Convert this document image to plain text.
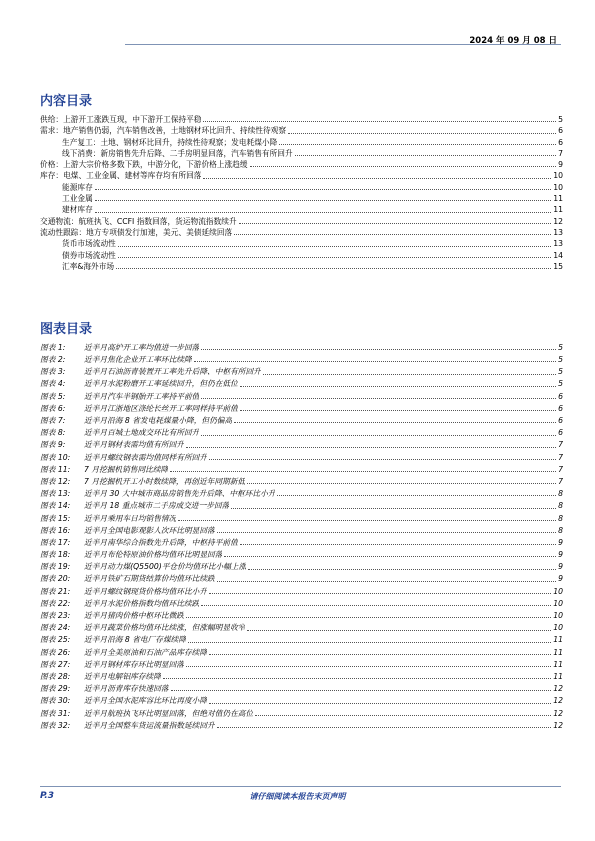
2024 年 09 月 08 日
内容目录
供给：上游开工涨跌互现，中下游开工保持平稳	5
需求：地产销售仍弱，汽车销售改善，土地钢材环比回升、持续性待观察	6
生产复工：土地、钢材环比回升，持续性待观察；发电耗煤小降	6
线下消费：新房销售先升后降、二手房明显回落，汽车销售有所回升	7
价格：上游大宗价格多数下跌，中游分化，下游价格上涨趋缓	9
库存：电煤、工业金属、建材等库存均有所回落	10
能源库存	10
工业金属	11
建材库存	11
交通物流：航班执飞、CCFI 指数回落，货运物流指数续升	12
流动性跟踪：地方专项债发行加速，美元、美债延续回落	13
货币市场流动性	13
债券市场流动性	14
汇率&海外市场	15
图表目录
图表 1: 近半月高炉开工率均值进一步回落	5
图表 2: 近半月焦化企业开工率环比续降	5
图表 3: 近半月石油沥青装置开工率先升后降、中枢有所回升	5
图表 4: 近半月水泥粉磨开工率延续回升，但仍在低位	5
图表 5: 近半月汽车半钢胎开工率持平前值	6
图表 6: 近半月江浙地区涤纶长丝开工率同样持平前值	6
图表 7: 近半月沿海 8 省发电耗煤量小降，但仍偏高	6
图表 8: 近半月百城土地成交环比有所回升	6
图表 9: 近半月钢材表需均值有所回升	7
图表 10: 近半月螺纹钢表需均值同样有所回升	7
图表 11: 7 月挖掘机销售同比续降	7
图表 12: 7 月挖掘机开工小时数续降，再创近年同期新低	7
图表 13: 近半月 30 大中城市商品房销售先升后降、中枢环比小升	8
图表 14: 近半月 18 重点城市二手房成交进一步回落	8
图表 15: 近半月乘用车日均销售情况	8
图表 16: 近半月全国电影观影人次环比明显回落	8
图表 17: 近半月南华综合指数先升后降，中枢持平前值	9
图表 18: 近半月布伦特原油价格均值环比明显回落	9
图表 19: 近半月动力煤(Q5500)平仓价均值环比小幅上涨	9
图表 20: 近半月铁矿石期货结算价均值环比续跌	9
图表 21: 近半月螺纹钢现货价格均值环比小升	10
图表 22: 近半月水泥价格指数均值环比续跌	10
图表 23: 近半月猪肉价格中枢环比微跌	10
图表 24: 近半月蔬菜价格均值环比续涨，但涨幅明显收窄	10
图表 25: 近半月沿海 8 省电厂存煤续降	11
图表 26: 近半月全美原油和石油产品库存续降	11
图表 27: 近半月钢材库存环比明显回落	11
图表 28: 近半月电解铝库存续降	11
图表 29: 近半月沥青库存快速回落	12
图表 30: 近半月全国水泥库容比环比再度小降	12
图表 31: 近半月航班执飞环比明显回落，但绝对值仍在高位	12
图表 32: 近半月全国整车货运流量指数延续回升	12
P.3	请仔细阅读本报告末页声明
